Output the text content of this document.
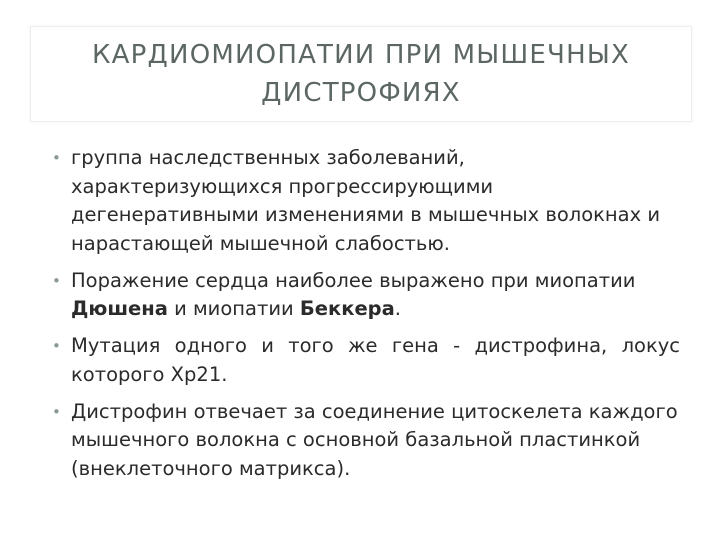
КАРДИОМИОПАТИИ ПРИ МЫШЕЧНЫХ ДИСТРОФИЯХ
• группа наследственных заболеваний, характеризующихся прогрессирующими дегенеративными изменениями в мышечных волокнах и нарастающей мышечной слабостью.
• Поражение сердца наиболее выражено при миопатии Дюшена и миопатии Беккера.
• Мутация одного и того же гена - дистрофина, локус которого Хр21.
• Дистрофин отвечает за соединение цитоскелета каждого мышечного волокна с основной базальной пластинкой (внеклеточного матрикса).
